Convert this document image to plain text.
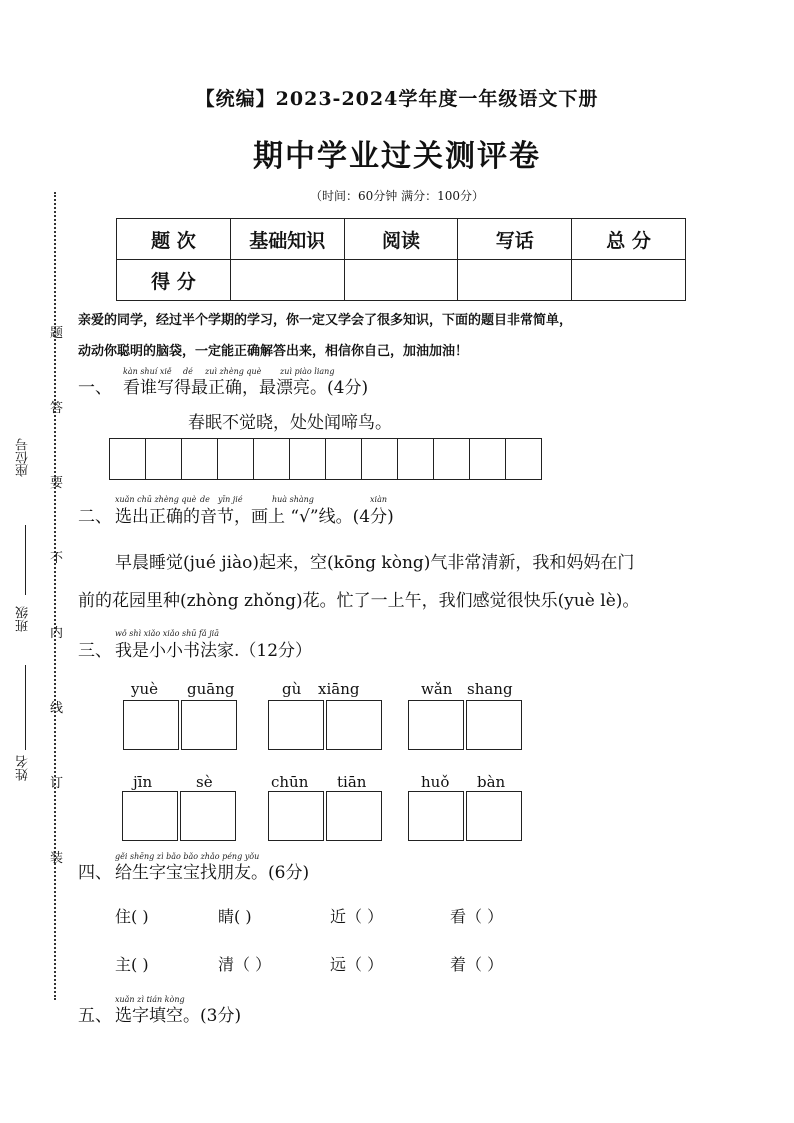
题
答
要
不
内
线
订
装
座位号
班级
姓名
【统编】2023-2024学年度一年级语文下册
期中学业过关测评卷
（时间：60分钟 满分：100分）
题 次	基础知识	阅读	写话	总 分
得 分				
亲爱的同学，经过半个学期的学习，你一定又学会了很多知识，下面的题目非常简单，
动动你聪明的脑袋，一定能正确解答出来，相信你自己，加油加油！
kàn shuí xiě dé zuì zhèng què zuì piào liang
一、 看谁写得最正确，最漂亮。(4分)
春眠不觉晓，处处闻啼鸟。
xuǎn chū zhèng què de yīn jié	huà shàng	xiàn
二、 选出正确的音节，画上 “√”线。(4分)
早晨睡觉(jué jiào)起来，空(kōng kòng)气非常清新，我和妈妈在门
前的花园里种(zhòng zhǒng)花。忙了一上午，我们感觉很快乐(yuè lè)。
wǒ shì xiǎo xiǎo shū fǎ jiā
三、 我是小小书法家.（12分）
yuè guāng	gù xiāng	wǎn shang
jīn	sè	chūn tiān	huǒ bàn
gěi shēng zì bǎo bǎo zhǎo péng yǒu
四、 给生字宝宝找朋友。(6分)
住( )	睛( )	近（ ）	看（ ）
主( )	清（ ）	远（ ）	着（ ）
xuǎn zì tián kòng
五、 选字填空。(3分)
